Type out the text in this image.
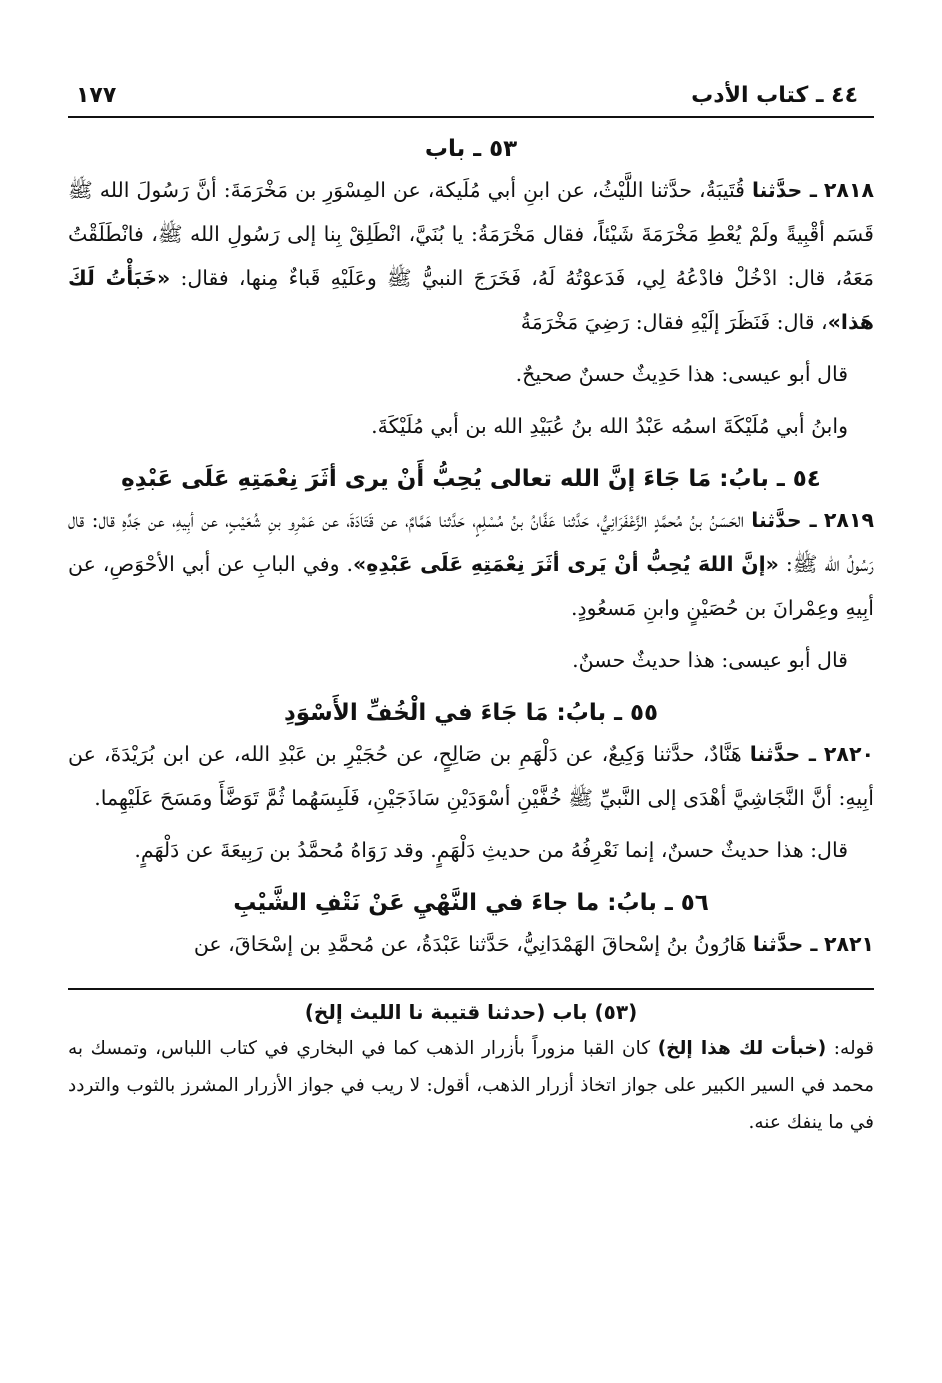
٤٤ ـ كتاب الأدب
١٧٧
٥٣ ـ باب

٢٨١٨ ـ حدَّثنا قُتَيبَةُ، حدَّثنا اللَّيْثُ، عن ابنِ أبي مُلَيكة، عن المِسْوَرِ بن مَخْرَمَةَ: أنَّ رَسُولَ الله ﷺ قَسَم أقْبِيةً ولَمْ يُعْطِ مَخْرَمَةَ شَيْئاً، فقال مَخْرَمَةُ: يا بُنَيَّ، انْطَلِقْ بِنا إلى رَسُولِ الله ﷺ، فانْطَلَقْتُ مَعَهُ، قال: ادْخُلْ فادْعُهُ لِي، فَدَعوْتُهُ لَهُ، فَخَرَجَ النبيُّ ﷺ وعَلَيْهِ قَباءٌ مِنها، فقال: «خَبَأْتُ لَكَ هَذا»، قال: فَنَظَرَ إلَيْهِ فقال: رَضِيَ مَخْرَمَةُ

قال أبو عيسى: هذا حَدِيثٌ حسنٌ صحيحٌ.
وابنُ أبي مُلَيْكَةَ اسمُه عَبْدُ الله بنُ عُبَيْدِ الله بن أبي مُلَيْكَةَ.
٥٤ ـ بابُ: مَا جَاءَ إنَّ الله تعالى يُحِبُّ أَنْ يرى أثَرَ نِعْمَتِهِ عَلَى عَبْدِهِ

٢٨١٩ ـ حدَّثنا الحَسَنُ بنُ مُحمَّدٍ الزَّعْفَرَانِيُّ، حَدَّثنا عَفَّانُ بنُ مُسْلِمٍ، حَدَّثنا هَمَّامٌ، عن قَتَادَةَ، عن عَمْرِو بنِ شُعَيْبٍ، عن أبِيهِ، عن جَدِّهِ قال: قال رَسُولُ الله ﷺ: «إنَّ اللهَ يُحِبُّ أنْ يَرى أثَرَ نِعْمَتِهِ عَلَى عَبْدِهِ». وفي البابِ عن أبي الأحْوَصِ، عن أبِيهِ وعِمْرانَ بن حُصَيْنٍ وابنِ مَسعُودٍ.

قال أبو عيسى: هذا حديثٌ حسنٌ.
٥٥ ـ بابُ: مَا جَاءَ في الْخُفِّ الأَسْوَدِ

٢٨٢٠ ـ حدَّثنا هَنَّادٌ، حدَّثنا وَكِيعٌ، عن دَلْهَمِ بن صَالِحٍ، عن حُجَيْرِ بن عَبْدِ الله، عن ابن بُرَيْدَةَ، عن أبِيهِ: أنَّ النَّجَاشِيَّ أهْدَى إلى النَّبيِّ ﷺ خُفَّيْنِ أسْوَدَيْنِ سَاذَجَيْنِ، فَلَبِسَهُما ثُمَّ تَوَضَّأَ ومَسَحَ عَلَيْهِما.

قال: هذا حديثٌ حسنٌ، إنما نَعْرِفُهُ من حديثِ دَلْهَمٍ. وقد رَوَاهُ مُحمَّدُ بن رَبِيعَةَ عن دَلْهَمٍ.
٥٦ ـ بابُ: ما جاءَ في النَّهْيِ عَنْ نَتْفِ الشَّيْبِ

٢٨٢١ ـ حدَّثنا هَارُونُ بنُ إسْحاقَ الهَمْدَانِيُّ، حَدَّثنا عَبْدَةُ، عن مُحمَّدِ بن إسْحَاقَ، عن

(٥٣) باب (حدثنا قتيبة نا الليث إلخ)

قوله: (خبأت لك هذا إلخ) كان القبا مزوراً بأزرار الذهب كما في البخاري في كتاب اللباس، وتمسك به محمد في السير الكبير على جواز اتخاذ أزرار الذهب، أقول: لا ريب في جواز الأزرار المشرز بالثوب والتردد في ما ينفك عنه.
